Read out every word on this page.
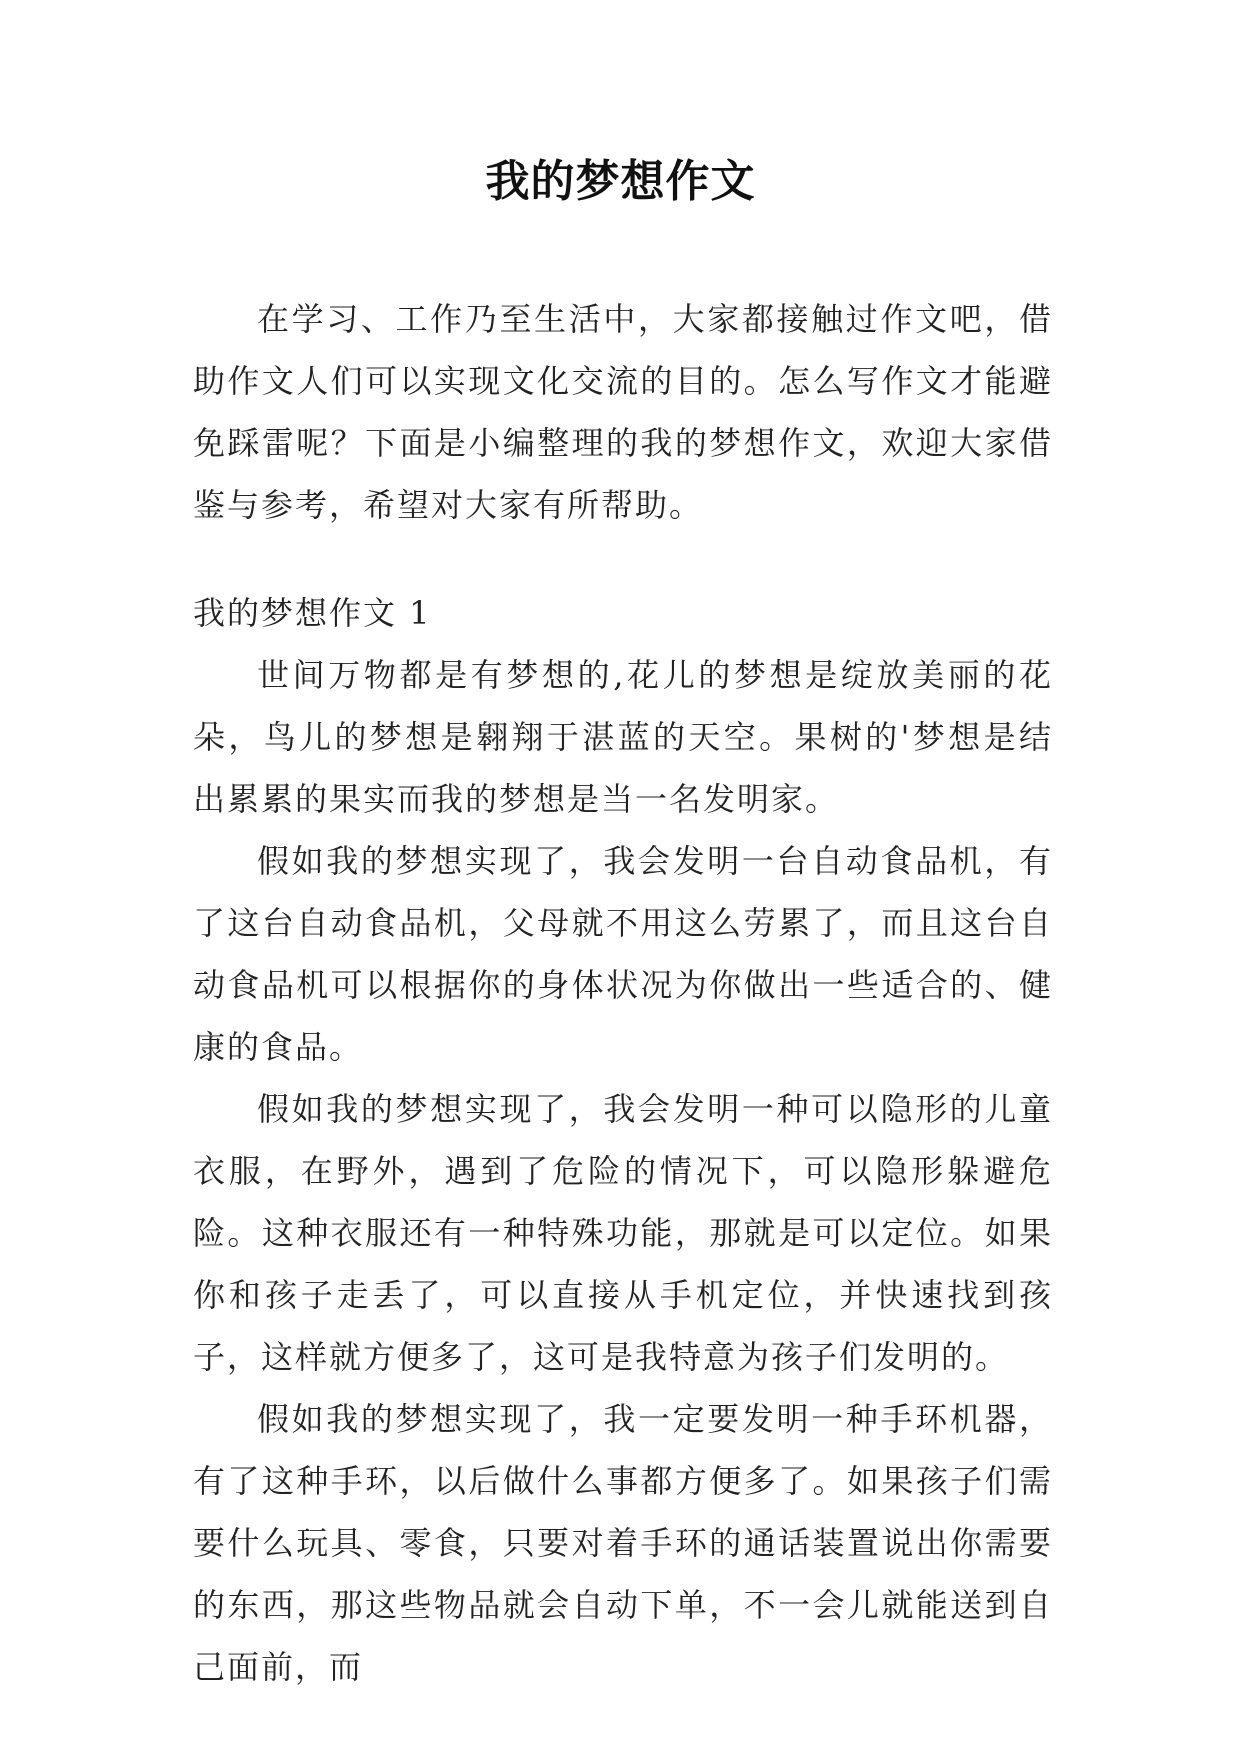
我的梦想作文

在学习、工作乃至生活中，大家都接触过作文吧，借助作文人们可以实现文化交流的目的。怎么写作文才能避免踩雷呢？下面是小编整理的我的梦想作文，欢迎大家借鉴与参考，希望对大家有所帮助。

我的梦想作文 1

世间万物都是有梦想的,花儿的梦想是绽放美丽的花朵，鸟儿的梦想是翱翔于湛蓝的天空。果树的'梦想是结出累累的果实而我的梦想是当一名发明家。

假如我的梦想实现了，我会发明一台自动食品机，有了这台自动食品机，父母就不用这么劳累了，而且这台自动食品机可以根据你的身体状况为你做出一些适合的、健康的食品。

假如我的梦想实现了，我会发明一种可以隐形的儿童衣服，在野外，遇到了危险的情况下，可以隐形躲避危险。这种衣服还有一种特殊功能，那就是可以定位。如果你和孩子走丢了，可以直接从手机定位，并快速找到孩子，这样就方便多了，这可是我特意为孩子们发明的。

假如我的梦想实现了，我一定要发明一种手环机器，有了这种手环，以后做什么事都方便多了。如果孩子们需要什么玩具、零食，只要对着手环的通话装置说出你需要的东西，那这些物品就会自动下单，不一会儿就能送到自己面前，而
